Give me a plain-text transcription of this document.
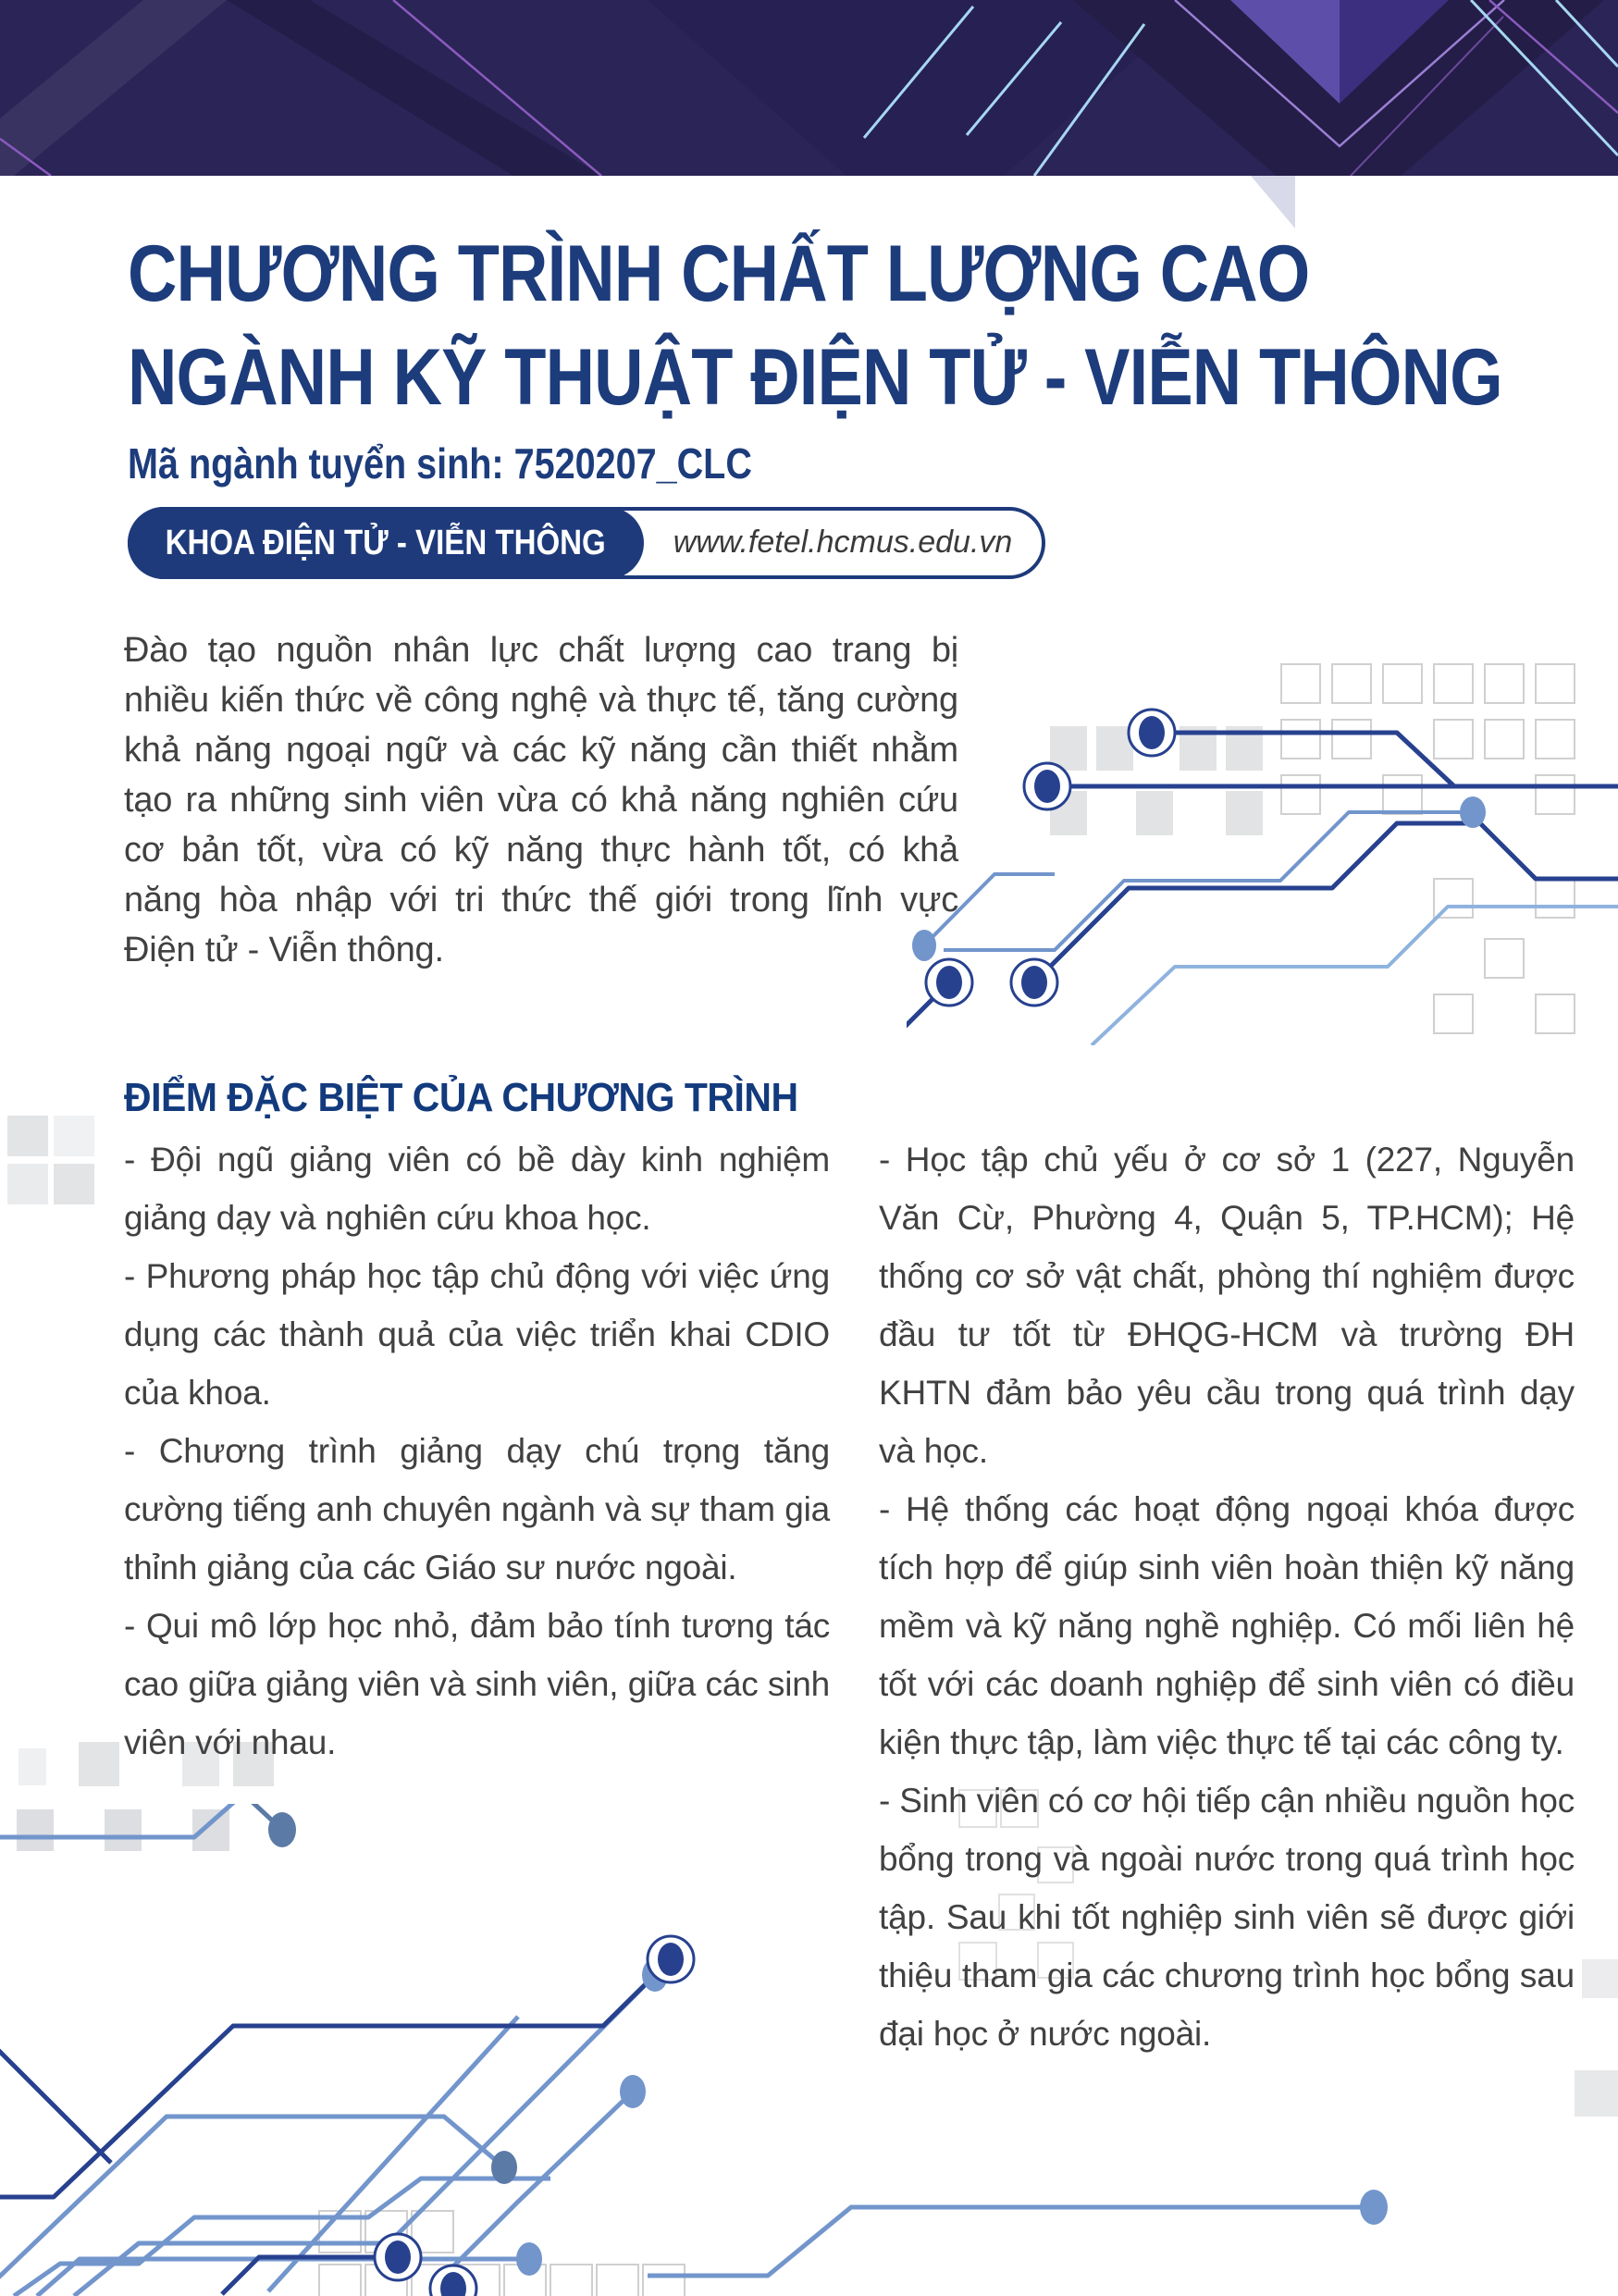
CHƯƠNG TRÌNH CHẤT LƯỢNG CAO
NGÀNH KỸ THUẬT ĐIỆN TỬ - VIỄN THÔNG
Mã ngành tuyển sinh: 7520207_CLC
KHOA ĐIỆN TỬ - VIỄN THÔNG	www.fetel.hcmus.edu.vn
Đào tạo nguồn nhân lực chất lượng cao trang bị nhiều kiến thức về công nghệ và thực tế, tăng cường khả năng ngoại ngữ và các kỹ năng cần thiết nhằm tạo ra những sinh viên vừa có khả năng nghiên cứu cơ bản tốt, vừa có kỹ năng thực hành tốt, có khả năng hòa nhập với tri thức thế giới trong lĩnh vực Điện tử - Viễn thông.
ĐIỂM ĐẶC BIỆT CỦA CHƯƠNG TRÌNH

- Đội ngũ giảng viên có bề dày kinh nghiệm giảng dạy và nghiên cứu khoa học.

- Phương pháp học tập chủ động với việc ứng dụng các thành quả của việc triển khai CDIO của khoa.

- Chương trình giảng dạy chú trọng tăng cường tiếng anh chuyên ngành và sự tham gia thỉnh giảng của các Giáo sư nước ngoài.

- Qui mô lớp học nhỏ, đảm bảo tính tương tác cao giữa giảng viên và sinh viên, giữa các sinh viên với nhau.

- Học tập chủ yếu ở cơ sở 1 (227, Nguyễn Văn Cừ, Phường 4, Quận 5, TP.HCM); Hệ thống cơ sở vật chất, phòng thí nghiệm được đầu tư tốt từ ĐHQG-HCM và trường ĐH KHTN đảm bảo yêu cầu trong quá trình dạy và học.

- Hệ thống các hoạt động ngoại khóa được tích hợp để giúp sinh viên hoàn thiện kỹ năng mềm và kỹ năng nghề nghiệp. Có mối liên hệ tốt với các doanh nghiệp để sinh viên có điều kiện thực tập, làm việc thực tế tại các công ty.

- Sinh viên có cơ hội tiếp cận nhiều nguồn học bổng trong và ngoài nước trong quá trình học tập. Sau khi tốt nghiệp sinh viên sẽ được giới thiệu tham gia các chương trình học bổng sau đại học ở nước ngoài.
